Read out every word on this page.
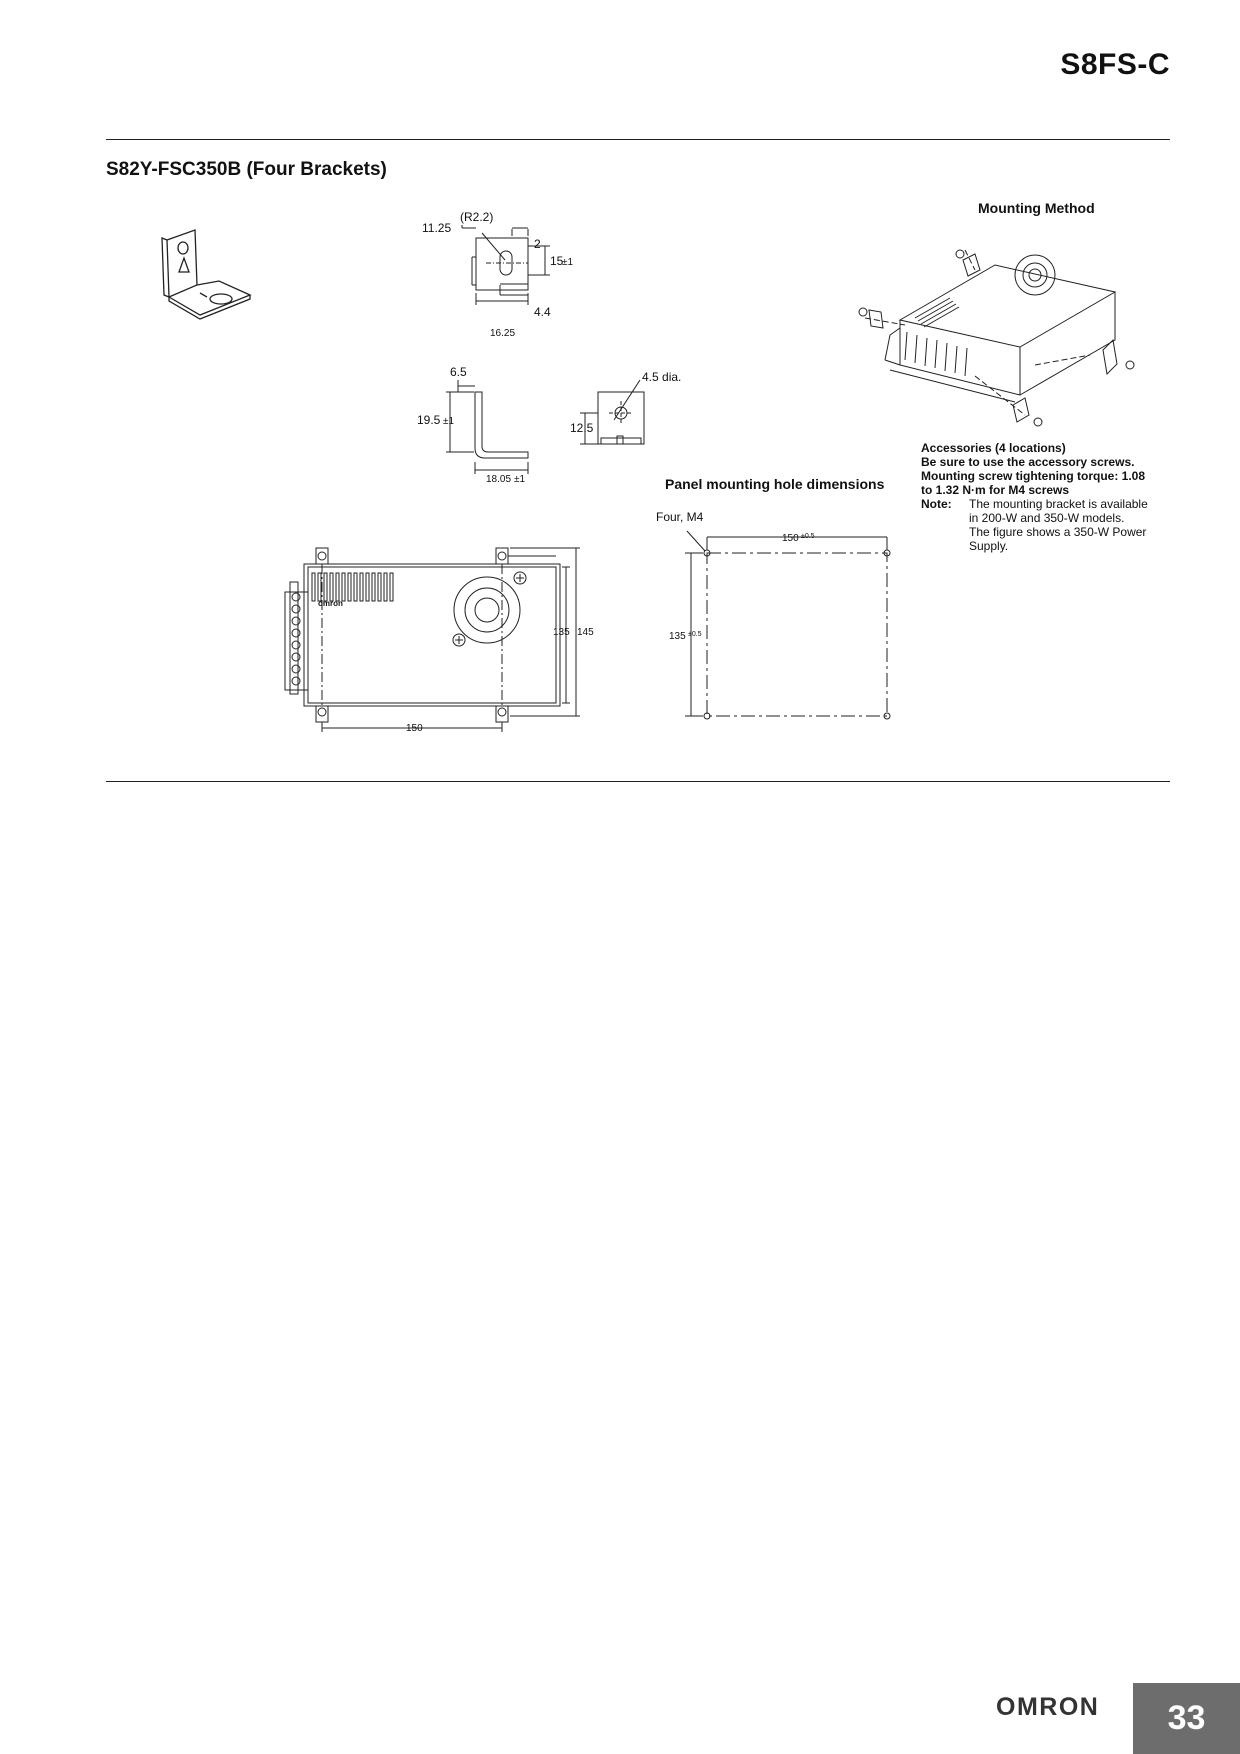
S8FS-C
S82Y-FSC350B (Four Brackets)
(R2.2)
11.25
2
15
±1
4.4
16.25
6.5
19.5 ±1
18.05 ±1
4.5 dia.
12.5
Mounting Method
Accessories (4 locations)
Be sure to use the accessory screws.
Mounting screw tightening torque: 1.08
to 1.32 N·m for M4 screws
Note:	The mounting bracket is available
in 200-W and 350-W models.
The figure shows a 350-W Power
Supply.
Panel mounting hole dimensions
omron
150
135 145
Four, M4
150 ±0.5
135 ±0.5
OMRON	33
